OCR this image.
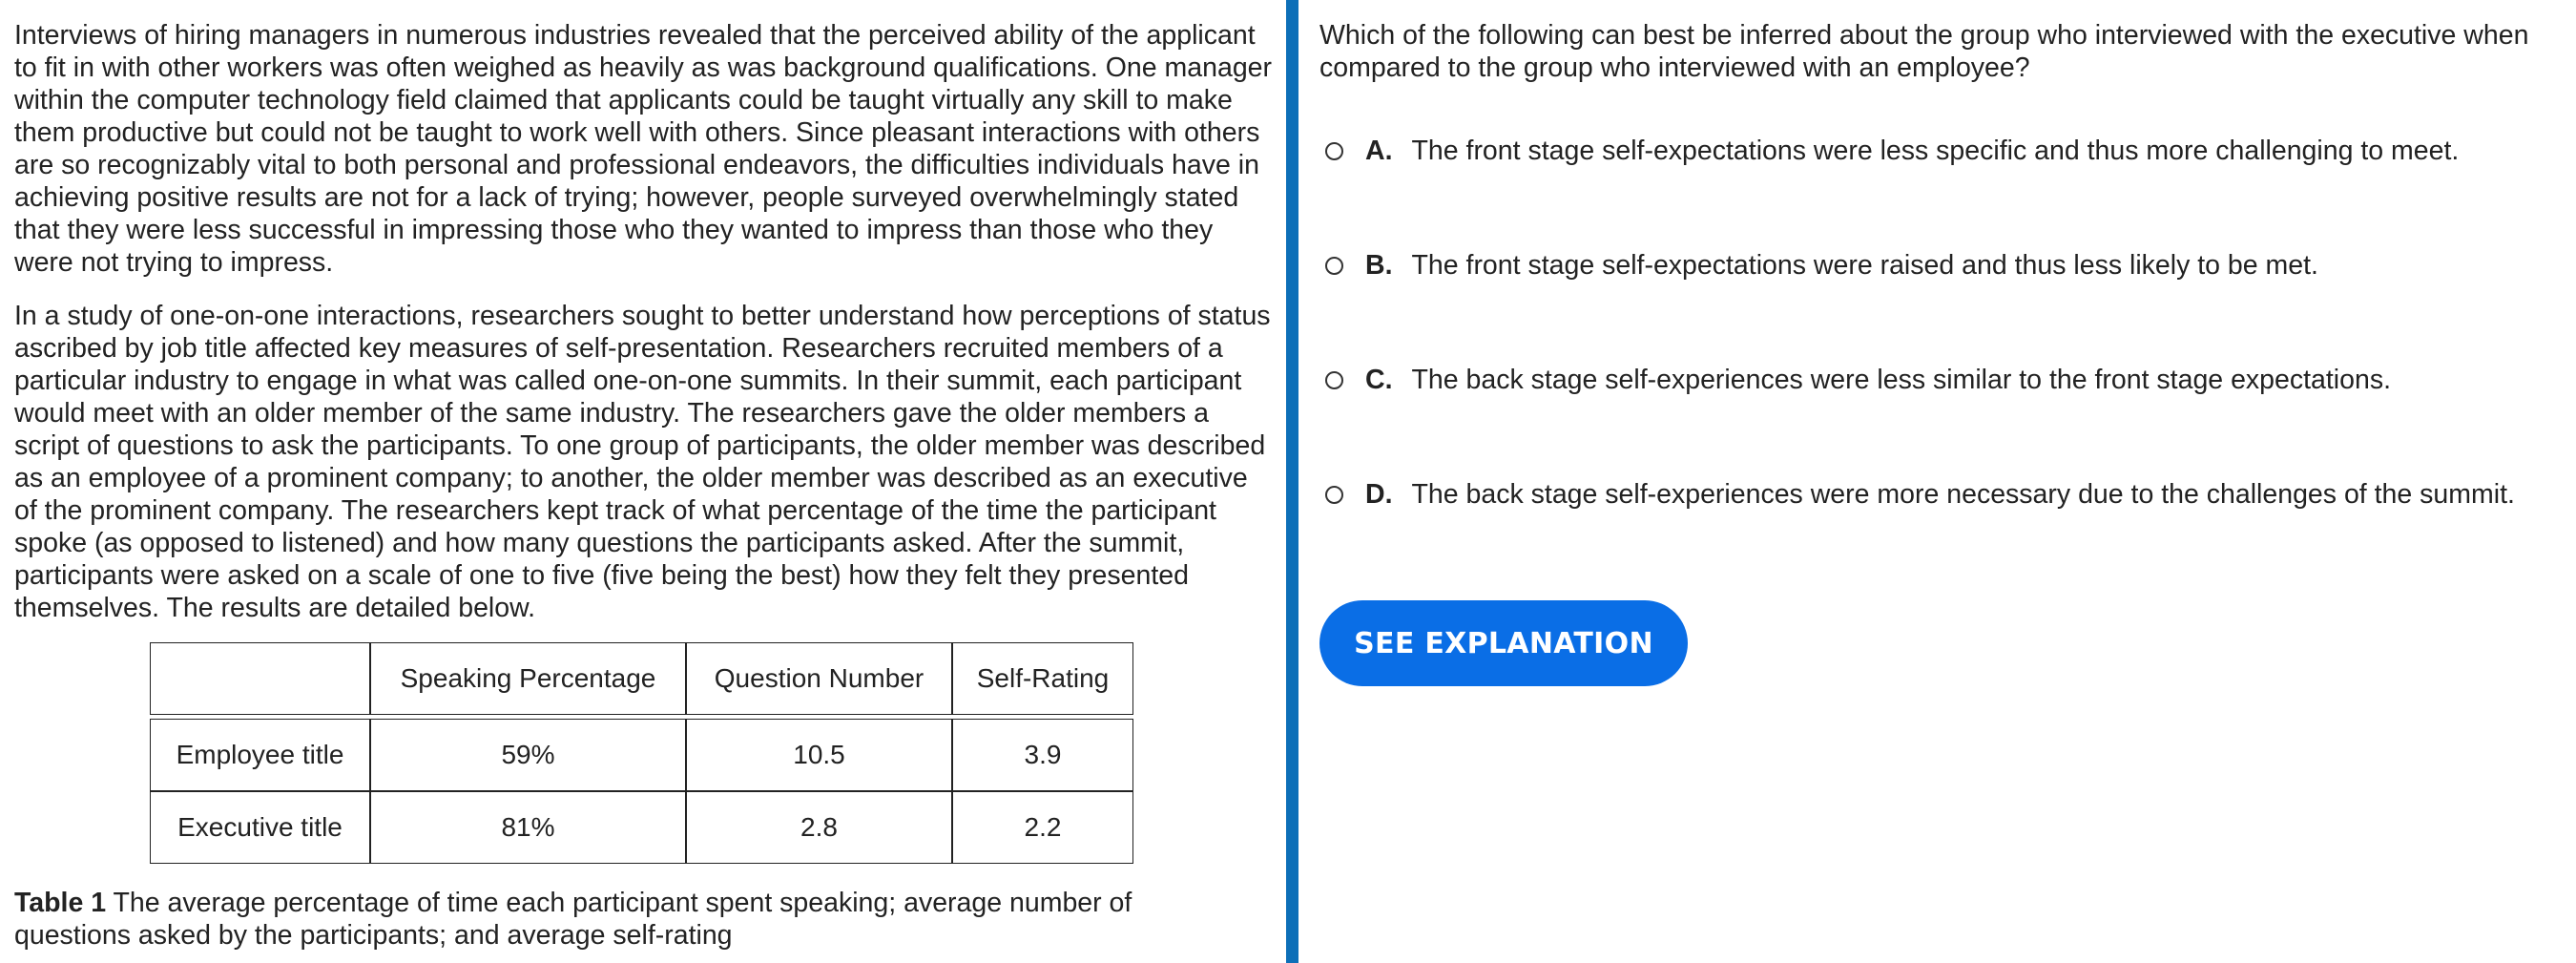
Interviews of hiring managers in numerous industries revealed that the perceived ability of the applicant to fit in with other workers was often weighed as heavily as was background qualifications. One manager within the computer technology field claimed that applicants could be taught virtually any skill to make them productive but could not be taught to work well with others. Since pleasant interactions with others are so recognizably vital to both personal and professional endeavors, the difficulties individuals have in achieving positive results are not for a lack of trying; however, people surveyed overwhelmingly stated that they were less successful in impressing those who they wanted to impress than those who they were not trying to impress.

In a study of one-on-one interactions, researchers sought to better understand how perceptions of status ascribed by job title affected key measures of self-presentation. Researchers recruited members of a particular industry to engage in what was called one-on-one summits. In their summit, each participant would meet with an older member of the same industry. The researchers gave the older members a script of questions to ask the participants. To one group of participants, the older member was described as an employee of a prominent company; to another, the older member was described as an executive of the prominent company. The researchers kept track of what percentage of the time the participant spoke (as opposed to listened) and how many questions the participants asked. After the summit, participants were asked on a scale of one to five (five being the best) how they felt they presented themselves. The results are detailed below.

	Speaking Percentage	Question Number	Self-Rating

Employee title	59%	10.5	3.9
Executive title	81%	2.8	2.2
Table 1 The average percentage of time each participant spent speaking; average number of questions asked by the participants; and average self-rating
Which of the following can best be inferred about the group who interviewed with the executive when compared to the group who interviewed with an employee?
A. The front stage self-expectations were less specific and thus more challenging to meet.
B. The front stage self-expectations were raised and thus less likely to be met.
C. The back stage self-experiences were less similar to the front stage expectations.
D. The back stage self-experiences were more necessary due to the challenges of the summit.
SEE EXPLANATION
